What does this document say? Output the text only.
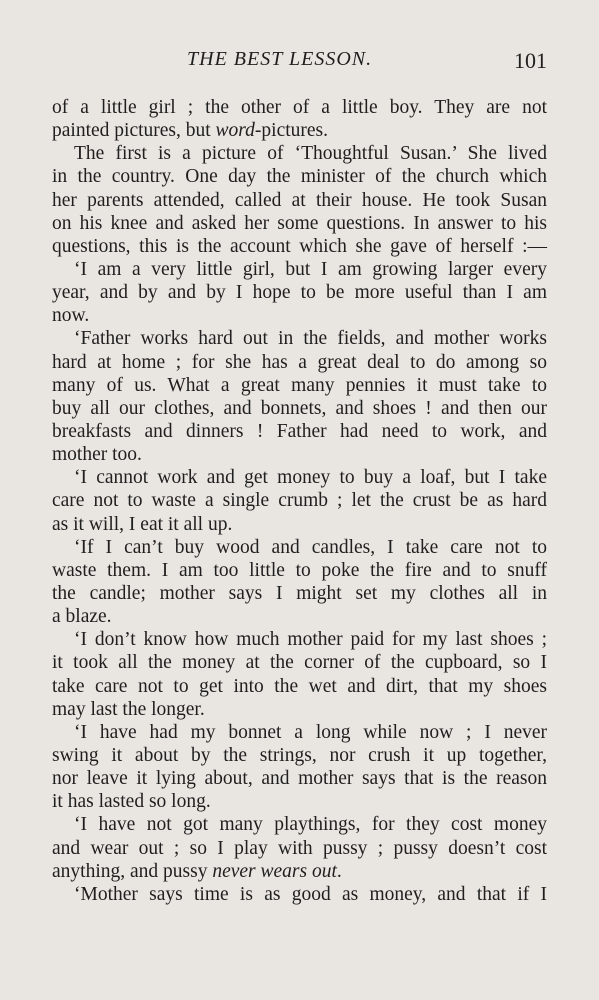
THE BEST LESSON.	101
of a little girl ; the other of a little boy. They are not
painted pictures, but word-pictures.
The first is a picture of ‘Thoughtful Susan.’ She lived
in the country. One day the minister of the church which
her parents attended, called at their house. He took Susan
on his knee and asked her some questions. In answer to his
questions, this is the account which she gave of herself :—
‘I am a very little girl, but I am growing larger every
year, and by and by I hope to be more useful than I am
now.
‘Father works hard out in the fields, and mother works
hard at home ; for she has a great deal to do among so
many of us. What a great many pennies it must take to
buy all our clothes, and bonnets, and shoes ! and then our
breakfasts and dinners ! Father had need to work, and
mother too.
‘I cannot work and get money to buy a loaf, but I take
care not to waste a single crumb ; let the crust be as hard
as it will, I eat it all up.
‘If I can’t buy wood and candles, I take care not to
waste them. I am too little to poke the fire and to snuff
the candle; mother says I might set my clothes all in
a blaze.
‘I don’t know how much mother paid for my last shoes ;
it took all the money at the corner of the cupboard, so I
take care not to get into the wet and dirt, that my shoes
may last the longer.
‘I have had my bonnet a long while now ; I never
swing it about by the strings, nor crush it up together,
nor leave it lying about, and mother says that is the reason
it has lasted so long.
‘I have not got many playthings, for they cost money
and wear out ; so I play with pussy ; pussy doesn’t cost
anything, and pussy never wears out.
‘Mother says time is as good as money, and that if I
